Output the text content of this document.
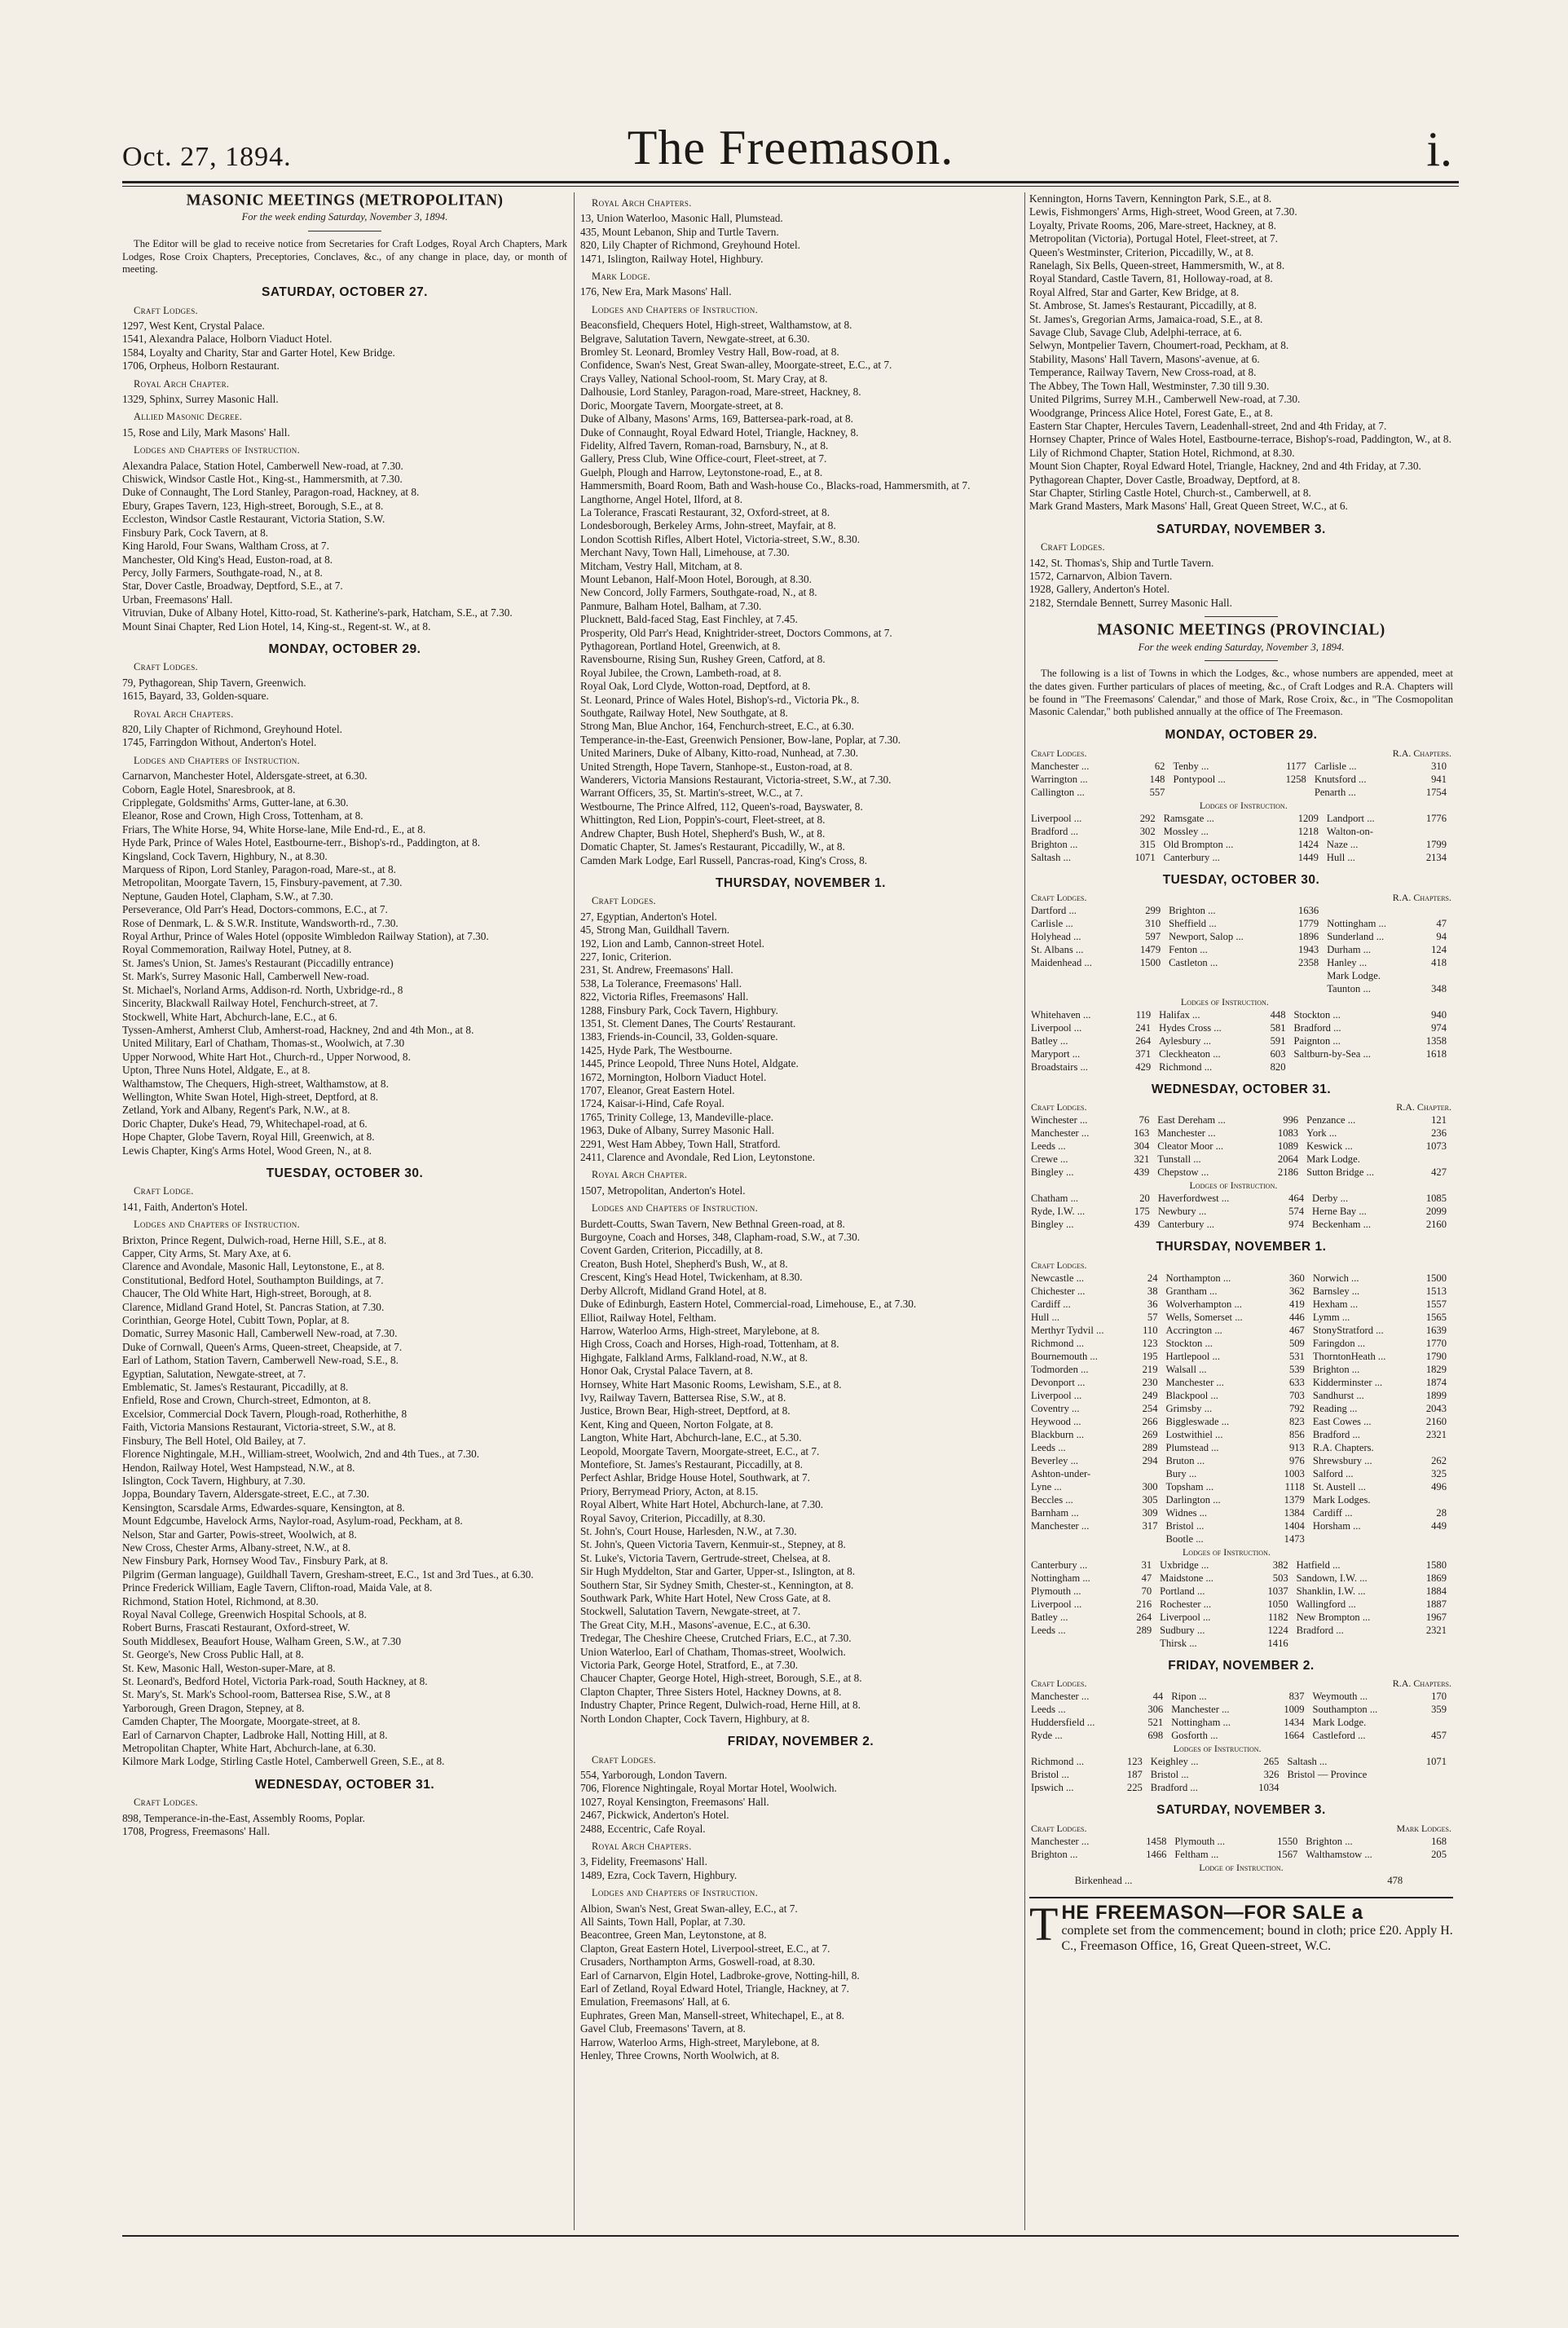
Oct. 27, 1894.	The Freemason.	i.
MASONIC MEETINGS (METROPOLITAN)
For the week ending Saturday, November 3, 1894.
The Editor will be glad to receive notice from Secretaries for Craft Lodges, Royal Arch Chapters, Mark Lodges, Rose Croix Chapters, Preceptories, Conclaves, &c., of any change in place, day, or month of meeting.
SATURDAY, OCTOBER 27.
Craft Lodges.
1297, West Kent, Crystal Palace.
1541, Alexandra Palace, Holborn Viaduct Hotel.
1584, Loyalty and Charity, Star and Garter Hotel, Kew Bridge.
1706, Orpheus, Holborn Restaurant.
Royal Arch Chapter.
1329, Sphinx, Surrey Masonic Hall.
Allied Masonic Degree.
15, Rose and Lily, Mark Masons' Hall.
Lodges and Chapters of Instruction.
Alexandra Palace, Station Hotel, Camberwell New-road, at 7.30.
Chiswick, Windsor Castle Hot., King-st., Hammersmith, at 7.30.
Duke of Connaught, The Lord Stanley, Paragon-road, Hackney, at 8.
Ebury, Grapes Tavern, 123, High-street, Borough, S.E., at 8.
Eccleston, Windsor Castle Restaurant, Victoria Station, S.W.
Finsbury Park, Cock Tavern, at 8.
King Harold, Four Swans, Waltham Cross, at 7.
Manchester, Old King's Head, Euston-road, at 8.
Percy, Jolly Farmers, Southgate-road, N., at 8.
Star, Dover Castle, Broadway, Deptford, S.E., at 7.
Urban, Freemasons' Hall.
Vitruvian, Duke of Albany Hotel, Kitto-road, St. Katherine's-park, Hatcham, S.E., at 7.30.
Mount Sinai Chapter, Red Lion Hotel, 14, King-st., Regent-st. W., at 8.
MONDAY, OCTOBER 29.
Craft Lodges.
79, Pythagorean, Ship Tavern, Greenwich.
1615, Bayard, 33, Golden-square.
Royal Arch Chapters.
820, Lily Chapter of Richmond, Greyhound Hotel.
1745, Farringdon Without, Anderton's Hotel.
Lodges and Chapters of Instruction.
Carnarvon, Manchester Hotel, Aldersgate-street, at 6.30.
Coborn, Eagle Hotel, Snaresbrook, at 8.
Cripplegate, Goldsmiths' Arms, Gutter-lane, at 6.30.
Eleanor, Rose and Crown, High Cross, Tottenham, at 8.
Friars, The White Horse, 94, White Horse-lane, Mile End-rd., E., at 8.
Hyde Park, Prince of Wales Hotel, Eastbourne-terr., Bishop's-rd., Paddington, at 8.
Kingsland, Cock Tavern, Highbury, N., at 8.30.
Marquess of Ripon, Lord Stanley, Paragon-road, Mare-st., at 8.
Metropolitan, Moorgate Tavern, 15, Finsbury-pavement, at 7.30.
Neptune, Gauden Hotel, Clapham, S.W., at 7.30.
Perseverance, Old Parr's Head, Doctors-commons, E.C., at 7.
Rose of Denmark, L. & S.W.R. Institute, Wandsworth-rd., 7.30.
Royal Arthur, Prince of Wales Hotel (opposite Wimbledon Railway Station), at 7.30.
Royal Commemoration, Railway Hotel, Putney, at 8.
St. James's Union, St. James's Restaurant (Piccadilly entrance)
St. Mark's, Surrey Masonic Hall, Camberwell New-road.
St. Michael's, Norland Arms, Addison-rd. North, Uxbridge-rd., 8
Sincerity, Blackwall Railway Hotel, Fenchurch-street, at 7.
Stockwell, White Hart, Abchurch-lane, E.C., at 6.
Tyssen-Amherst, Amherst Club, Amherst-road, Hackney, 2nd and 4th Mon., at 8.
United Military, Earl of Chatham, Thomas-st., Woolwich, at 7.30
Upper Norwood, White Hart Hot., Church-rd., Upper Norwood, 8.
Upton, Three Nuns Hotel, Aldgate, E., at 8.
Walthamstow, The Chequers, High-street, Walthamstow, at 8.
Wellington, White Swan Hotel, High-street, Deptford, at 8.
Zetland, York and Albany, Regent's Park, N.W., at 8.
Doric Chapter, Duke's Head, 79, Whitechapel-road, at 6.
Hope Chapter, Globe Tavern, Royal Hill, Greenwich, at 8.
Lewis Chapter, King's Arms Hotel, Wood Green, N., at 8.
TUESDAY, OCTOBER 30.
Craft Lodge.
141, Faith, Anderton's Hotel.
Lodges and Chapters of Instruction.
Brixton, Prince Regent, Dulwich-road, Herne Hill, S.E., at 8.
Capper, City Arms, St. Mary Axe, at 6.
Clarence and Avondale, Masonic Hall, Leytonstone, E., at 8.
Constitutional, Bedford Hotel, Southampton Buildings, at 7.
Chaucer, The Old White Hart, High-street, Borough, at 8.
Clarence, Midland Grand Hotel, St. Pancras Station, at 7.30.
Corinthian, George Hotel, Cubitt Town, Poplar, at 8.
Domatic, Surrey Masonic Hall, Camberwell New-road, at 7.30.
Duke of Cornwall, Queen's Arms, Queen-street, Cheapside, at 7.
Earl of Lathom, Station Tavern, Camberwell New-road, S.E., 8.
Egyptian, Salutation, Newgate-street, at 7.
Emblematic, St. James's Restaurant, Piccadilly, at 8.
Enfield, Rose and Crown, Church-street, Edmonton, at 8.
Excelsior, Commercial Dock Tavern, Plough-road, Rotherhithe, 8
Faith, Victoria Mansions Restaurant, Victoria-street, S.W., at 8.
Finsbury, The Bell Hotel, Old Bailey, at 7.
Florence Nightingale, M.H., William-street, Woolwich, 2nd and 4th Tues., at 7.30.
Hendon, Railway Hotel, West Hampstead, N.W., at 8.
Islington, Cock Tavern, Highbury, at 7.30.
Joppa, Boundary Tavern, Aldersgate-street, E.C., at 7.30.
Kensington, Scarsdale Arms, Edwardes-square, Kensington, at 8.
Mount Edgcumbe, Havelock Arms, Naylor-road, Asylum-road, Peckham, at 8.
Nelson, Star and Garter, Powis-street, Woolwich, at 8.
New Cross, Chester Arms, Albany-street, N.W., at 8.
New Finsbury Park, Hornsey Wood Tav., Finsbury Park, at 8.
Pilgrim (German language), Guildhall Tavern, Gresham-street, E.C., 1st and 3rd Tues., at 6.30.
Prince Frederick William, Eagle Tavern, Clifton-road, Maida Vale, at 8.
Richmond, Station Hotel, Richmond, at 8.30.
Royal Naval College, Greenwich Hospital Schools, at 8.
Robert Burns, Frascati Restaurant, Oxford-street, W.
South Middlesex, Beaufort House, Walham Green, S.W., at 7.30
St. George's, New Cross Public Hall, at 8.
St. Kew, Masonic Hall, Weston-super-Mare, at 8.
St. Leonard's, Bedford Hotel, Victoria Park-road, South Hackney, at 8.
St. Mary's, St. Mark's School-room, Battersea Rise, S.W., at 8
Yarborough, Green Dragon, Stepney, at 8.
Camden Chapter, The Moorgate, Moorgate-street, at 8.
Earl of Carnarvon Chapter, Ladbroke Hall, Notting Hill, at 8.
Metropolitan Chapter, White Hart, Abchurch-lane, at 6.30.
Kilmore Mark Lodge, Stirling Castle Hotel, Camberwell Green, S.E., at 8.
WEDNESDAY, OCTOBER 31.
Craft Lodges.
898, Temperance-in-the-East, Assembly Rooms, Poplar.
1708, Progress, Freemasons' Hall.
Royal Arch Chapters.
13, Union Waterloo, Masonic Hall, Plumstead.
435, Mount Lebanon, Ship and Turtle Tavern.
820, Lily Chapter of Richmond, Greyhound Hotel.
1471, Islington, Railway Hotel, Highbury.
Mark Lodge.
176, New Era, Mark Masons' Hall.
Lodges and Chapters of Instruction.
Beaconsfield, Chequers Hotel, High-street, Walthamstow, at 8.
Belgrave, Salutation Tavern, Newgate-street, at 6.30.
Bromley St. Leonard, Bromley Vestry Hall, Bow-road, at 8.
Confidence, Swan's Nest, Great Swan-alley, Moorgate-street, E.C., at 7.
Crays Valley, National School-room, St. Mary Cray, at 8.
Dalhousie, Lord Stanley, Paragon-road, Mare-street, Hackney, 8.
Doric, Moorgate Tavern, Moorgate-street, at 8.
Duke of Albany, Masons' Arms, 169, Battersea-park-road, at 8.
Duke of Connaught, Royal Edward Hotel, Triangle, Hackney, 8.
Fidelity, Alfred Tavern, Roman-road, Barnsbury, N., at 8.
Gallery, Press Club, Wine Office-court, Fleet-street, at 7.
Guelph, Plough and Harrow, Leytonstone-road, E., at 8.
Hammersmith, Board Room, Bath and Wash-house Co., Blacks-road, Hammersmith, at 7.
Langthorne, Angel Hotel, Ilford, at 8.
La Tolerance, Frascati Restaurant, 32, Oxford-street, at 8.
Londesborough, Berkeley Arms, John-street, Mayfair, at 8.
London Scottish Rifles, Albert Hotel, Victoria-street, S.W., 8.30.
Merchant Navy, Town Hall, Limehouse, at 7.30.
Mitcham, Vestry Hall, Mitcham, at 8.
Mount Lebanon, Half-Moon Hotel, Borough, at 8.30.
New Concord, Jolly Farmers, Southgate-road, N., at 8.
Panmure, Balham Hotel, Balham, at 7.30.
Plucknett, Bald-faced Stag, East Finchley, at 7.45.
Prosperity, Old Parr's Head, Knightrider-street, Doctors Commons, at 7.
Pythagorean, Portland Hotel, Greenwich, at 8.
Ravensbourne, Rising Sun, Rushey Green, Catford, at 8.
Royal Jubilee, the Crown, Lambeth-road, at 8.
Royal Oak, Lord Clyde, Wotton-road, Deptford, at 8.
St. Leonard, Prince of Wales Hotel, Bishop's-rd., Victoria Pk., 8.
Southgate, Railway Hotel, New Southgate, at 8.
Strong Man, Blue Anchor, 164, Fenchurch-street, E.C., at 6.30.
Temperance-in-the-East, Greenwich Pensioner, Bow-lane, Poplar, at 7.30.
United Mariners, Duke of Albany, Kitto-road, Nunhead, at 7.30.
United Strength, Hope Tavern, Stanhope-st., Euston-road, at 8.
Wanderers, Victoria Mansions Restaurant, Victoria-street, S.W., at 7.30.
Warrant Officers, 35, St. Martin's-street, W.C., at 7.
Westbourne, The Prince Alfred, 112, Queen's-road, Bayswater, 8.
Whittington, Red Lion, Poppin's-court, Fleet-street, at 8.
Andrew Chapter, Bush Hotel, Shepherd's Bush, W., at 8.
Domatic Chapter, St. James's Restaurant, Piccadilly, W., at 8.
Camden Mark Lodge, Earl Russell, Pancras-road, King's Cross, 8.
THURSDAY, NOVEMBER 1.
Craft Lodges.
27, Egyptian, Anderton's Hotel.
45, Strong Man, Guildhall Tavern.
192, Lion and Lamb, Cannon-street Hotel.
227, Ionic, Criterion.
231, St. Andrew, Freemasons' Hall.
538, La Tolerance, Freemasons' Hall.
822, Victoria Rifles, Freemasons' Hall.
1288, Finsbury Park, Cock Tavern, Highbury.
1351, St. Clement Danes, The Courts' Restaurant.
1383, Friends-in-Council, 33, Golden-square.
1425, Hyde Park, The Westbourne.
1445, Prince Leopold, Three Nuns Hotel, Aldgate.
1672, Mornington, Holborn Viaduct Hotel.
1707, Eleanor, Great Eastern Hotel.
1724, Kaisar-i-Hind, Cafe Royal.
1765, Trinity College, 13, Mandeville-place.
1963, Duke of Albany, Surrey Masonic Hall.
2291, West Ham Abbey, Town Hall, Stratford.
2411, Clarence and Avondale, Red Lion, Leytonstone.
Royal Arch Chapter.
1507, Metropolitan, Anderton's Hotel.
Lodges and Chapters of Instruction.
Burdett-Coutts, Swan Tavern, New Bethnal Green-road, at 8.
Burgoyne, Coach and Horses, 348, Clapham-road, S.W., at 7.30.
Covent Garden, Criterion, Piccadilly, at 8.
Creaton, Bush Hotel, Shepherd's Bush, W., at 8.
Crescent, King's Head Hotel, Twickenham, at 8.30.
Derby Allcroft, Midland Grand Hotel, at 8.
Duke of Edinburgh, Eastern Hotel, Commercial-road, Limehouse, E., at 7.30.
Elliot, Railway Hotel, Feltham.
Harrow, Waterloo Arms, High-street, Marylebone, at 8.
High Cross, Coach and Horses, High-road, Tottenham, at 8.
Highgate, Falkland Arms, Falkland-road, N.W., at 8.
Honor Oak, Crystal Palace Tavern, at 8.
Hornsey, White Hart Masonic Rooms, Lewisham, S.E., at 8.
Ivy, Railway Tavern, Battersea Rise, S.W., at 8.
Justice, Brown Bear, High-street, Deptford, at 8.
Kent, King and Queen, Norton Folgate, at 8.
Langton, White Hart, Abchurch-lane, E.C., at 5.30.
Leopold, Moorgate Tavern, Moorgate-street, E.C., at 7.
Montefiore, St. James's Restaurant, Piccadilly, at 8.
Perfect Ashlar, Bridge House Hotel, Southwark, at 7.
Priory, Berrymead Priory, Acton, at 8.15.
Royal Albert, White Hart Hotel, Abchurch-lane, at 7.30.
Royal Savoy, Criterion, Piccadilly, at 8.30.
St. John's, Court House, Harlesden, N.W., at 7.30.
St. John's, Queen Victoria Tavern, Kenmuir-st., Stepney, at 8.
St. Luke's, Victoria Tavern, Gertrude-street, Chelsea, at 8.
Sir Hugh Myddelton, Star and Garter, Upper-st., Islington, at 8.
Southern Star, Sir Sydney Smith, Chester-st., Kennington, at 8.
Southwark Park, White Hart Hotel, New Cross Gate, at 8.
Stockwell, Salutation Tavern, Newgate-street, at 7.
The Great City, M.H., Masons'-avenue, E.C., at 6.30.
Tredegar, The Cheshire Cheese, Crutched Friars, E.C., at 7.30.
Union Waterloo, Earl of Chatham, Thomas-street, Woolwich.
Victoria Park, George Hotel, Stratford, E., at 7.30.
Chaucer Chapter, George Hotel, High-street, Borough, S.E., at 8.
Clapton Chapter, Three Sisters Hotel, Hackney Downs, at 8.
Industry Chapter, Prince Regent, Dulwich-road, Herne Hill, at 8.
North London Chapter, Cock Tavern, Highbury, at 8.
FRIDAY, NOVEMBER 2.
Craft Lodges.
554, Yarborough, London Tavern.
706, Florence Nightingale, Royal Mortar Hotel, Woolwich.
1027, Royal Kensington, Freemasons' Hall.
2467, Pickwick, Anderton's Hotel.
2488, Eccentric, Cafe Royal.
Royal Arch Chapters.
3, Fidelity, Freemasons' Hall.
1489, Ezra, Cock Tavern, Highbury.
Lodges and Chapters of Instruction.
Albion, Swan's Nest, Great Swan-alley, E.C., at 7.
All Saints, Town Hall, Poplar, at 7.30.
Beacontree, Green Man, Leytonstone, at 8.
Clapton, Great Eastern Hotel, Liverpool-street, E.C., at 7.
Crusaders, Northampton Arms, Goswell-road, at 8.30.
Earl of Carnarvon, Elgin Hotel, Ladbroke-grove, Notting-hill, 8.
Earl of Zetland, Royal Edward Hotel, Triangle, Hackney, at 7.
Emulation, Freemasons' Hall, at 6.
Euphrates, Green Man, Mansell-street, Whitechapel, E., at 8.
Gavel Club, Freemasons' Tavern, at 8.
Harrow, Waterloo Arms, High-street, Marylebone, at 8.
Henley, Three Crowns, North Woolwich, at 8.
Kennington, Horns Tavern, Kennington Park, S.E., at 8.
Lewis, Fishmongers' Arms, High-street, Wood Green, at 7.30.
Loyalty, Private Rooms, 206, Mare-street, Hackney, at 8.
Metropolitan (Victoria), Portugal Hotel, Fleet-street, at 7.
Queen's Westminster, Criterion, Piccadilly, W., at 8.
Ranelagh, Six Bells, Queen-street, Hammersmith, W., at 8.
Royal Standard, Castle Tavern, 81, Holloway-road, at 8.
Royal Alfred, Star and Garter, Kew Bridge, at 8.
St. Ambrose, St. James's Restaurant, Piccadilly, at 8.
St. James's, Gregorian Arms, Jamaica-road, S.E., at 8.
Savage Club, Savage Club, Adelphi-terrace, at 6.
Selwyn, Montpelier Tavern, Choumert-road, Peckham, at 8.
Stability, Masons' Hall Tavern, Masons'-avenue, at 6.
Temperance, Railway Tavern, New Cross-road, at 8.
The Abbey, The Town Hall, Westminster, 7.30 till 9.30.
United Pilgrims, Surrey M.H., Camberwell New-road, at 7.30.
Woodgrange, Princess Alice Hotel, Forest Gate, E., at 8.
Eastern Star Chapter, Hercules Tavern, Leadenhall-street, 2nd and 4th Friday, at 7.
Hornsey Chapter, Prince of Wales Hotel, Eastbourne-terrace, Bishop's-road, Paddington, W., at 8.
Lily of Richmond Chapter, Station Hotel, Richmond, at 8.30.
Mount Sion Chapter, Royal Edward Hotel, Triangle, Hackney, 2nd and 4th Friday, at 7.30.
Pythagorean Chapter, Dover Castle, Broadway, Deptford, at 8.
Star Chapter, Stirling Castle Hotel, Church-st., Camberwell, at 8.
Mark Grand Masters, Mark Masons' Hall, Great Queen Street, W.C., at 6.
SATURDAY, NOVEMBER 3.
Craft Lodges.
142, St. Thomas's, Ship and Turtle Tavern.
1572, Carnarvon, Albion Tavern.
1928, Gallery, Anderton's Hotel.
2182, Sterndale Bennett, Surrey Masonic Hall.
MASONIC MEETINGS (PROVINCIAL)
For the week ending Saturday, November 3, 1894.
The following is a list of Towns in which the Lodges, &c., whose numbers are appended, meet at the dates given. Further particulars of places of meeting, &c., of Craft Lodges and R.A. Chapters will be found in "The Freemasons' Calendar," and those of Mark, Rose Croix, &c., in "The Cosmopolitan Masonic Calendar," both published annually at the office of The Freemason.
MONDAY, OCTOBER 29.
Craft Lodges.				R.A. Chapters.	
Manchester ...	62	Tenby ...	1177	Carlisle ...	310
Warrington ...	148	Pontypool ...	1258	Knutsford ...	941
Callington ...	557			Penarth ...	1754
		Lodges of Instruction.			
Liverpool ...	292	Ramsgate ...	1209	Landport ...	1776
Bradford ...	302	Mossley ...	1218	Walton-on-	
Brighton ...	315	Old Brompton ...	1424	Naze ...	1799
Saltash ...	1071	Canterbury ...	1449	Hull ...	2134
TUESDAY, OCTOBER 30.
Craft Lodges.				R.A. Chapters.	
Dartford ...	299	Brighton ...	1636		
Carlisle ...	310	Sheffield ...	1779	Nottingham ...	47
Holyhead ...	597	Newport, Salop ...	1896	Sunderland ...	94
St. Albans ...	1479	Fenton ...	1943	Durham ...	124
Maidenhead ...	1500	Castleton ...	2358	Hanley ...	418
				Mark Lodge.	
				Taunton ...	348
		Lodges of Instruction.			
Whitehaven ...	119	Halifax ...	448	Stockton ...	940
Liverpool ...	241	Hydes Cross ...	581	Bradford ...	974
Batley ...	264	Aylesbury ...	591	Paignton ...	1358
Maryport ...	371	Cleckheaton ...	603	Saltburn-by-Sea ...	1618
Broadstairs ...	429	Richmond ...	820		
WEDNESDAY, OCTOBER 31.
Craft Lodges.				R.A. Chapter.	
Winchester ...	76	East Dereham ...	996	Penzance ...	121
Manchester ...	163	Manchester ...	1083	York ...	236
Leeds ...	304	Cleator Moor ...	1089	Keswick ...	1073
Crewe ...	321	Tunstall ...	2064	Mark Lodge.	
Bingley ...	439	Chepstow ...	2186	Sutton Bridge ...	427
		Lodges of Instruction.			
Chatham ...	20	Haverfordwest ...	464	Derby ...	1085
Ryde, I.W. ...	175	Newbury ...	574	Herne Bay ...	2099
Bingley ...	439	Canterbury ...	974	Beckenham ...	2160
THURSDAY, NOVEMBER 1.
Craft Lodges.					
Newcastle ...	24	Northampton ...	360	Norwich ...	1500
Chichester ...	38	Grantham ...	362	Barnsley ...	1513
Cardiff ...	36	Wolverhampton ...	419	Hexham ...	1557
Hull ...	57	Wells, Somerset ...	446	Lymm ...	1565
Merthyr Tydvil ...	110	Accrington ...	467	StonyStratford ...	1639
Richmond ...	123	Stockton ...	509	Faringdon ...	1770
Bournemouth ...	195	Hartlepool ...	531	ThorntonHeath ...	1790
Todmorden ...	219	Walsall ...	539	Brighton ...	1829
Devonport ...	230	Manchester ...	633	Kidderminster ...	1874
Liverpool ...	249	Blackpool ...	703	Sandhurst ...	1899
Coventry ...	254	Grimsby ...	792	Reading ...	2043
Heywood ...	266	Biggleswade ...	823	East Cowes ...	2160
Blackburn ...	269	Lostwithiel ...	856	Bradford ...	2321
Leeds ...	289	Plumstead ...	913	R.A. Chapters.	
Beverley ...	294	Bruton ...	976	Shrewsbury ...	262
Ashton-under-		Bury ...	1003	Salford ...	325
Lyne ...	300	Topsham ...	1118	St. Austell ...	496
Beccles ...	305	Darlington ...	1379	Mark Lodges.	
Barnham ...	309	Widnes ...	1384	Cardiff ...	28
Manchester ...	317	Bristol ...	1404	Horsham ...	449
		Bootle ...	1473		
		Lodges of Instruction.			
Canterbury ...	31	Uxbridge ...	382	Hatfield ...	1580
Nottingham ...	47	Maidstone ...	503	Sandown, I.W. ...	1869
Plymouth ...	70	Portland ...	1037	Shanklin, I.W. ...	1884
Liverpool ...	216	Rochester ...	1050	Wallingford ...	1887
Batley ...	264	Liverpool ...	1182	New Brompton ...	1967
Leeds ...	289	Sudbury ...	1224	Bradford ...	2321
		Thirsk ...	1416		
FRIDAY, NOVEMBER 2.
Craft Lodges.				R.A. Chapters.	
Manchester ...	44	Ripon ...	837	Weymouth ...	170
Leeds ...	306	Manchester ...	1009	Southampton ...	359
Huddersfield ...	521	Nottingham ...	1434	Mark Lodge.	
Ryde ...	698	Gosforth ...	1664	Castleford ...	457
		Lodges of Instruction.			
Richmond ...	123	Keighley ...	265	Saltash ...	1071
Bristol ...	187	Bristol ...	326	Bristol — Province	
Ipswich ...	225	Bradford ...	1034		
SATURDAY, NOVEMBER 3.
Craft Lodges.				Mark Lodges.	
Manchester ...	1458	Plymouth ...	1550	Brighton ...	168
Brighton ...	1466	Feltham ...	1567	Walthamstow ...	205
		Lodge of Instruction.			
		Birkenhead ...	478		
T HE FREEMASON—FOR SALE a
complete set from the commencement; bound in cloth; price £20. Apply H. C., Freemason Office, 16, Great Queen-street, W.C.
